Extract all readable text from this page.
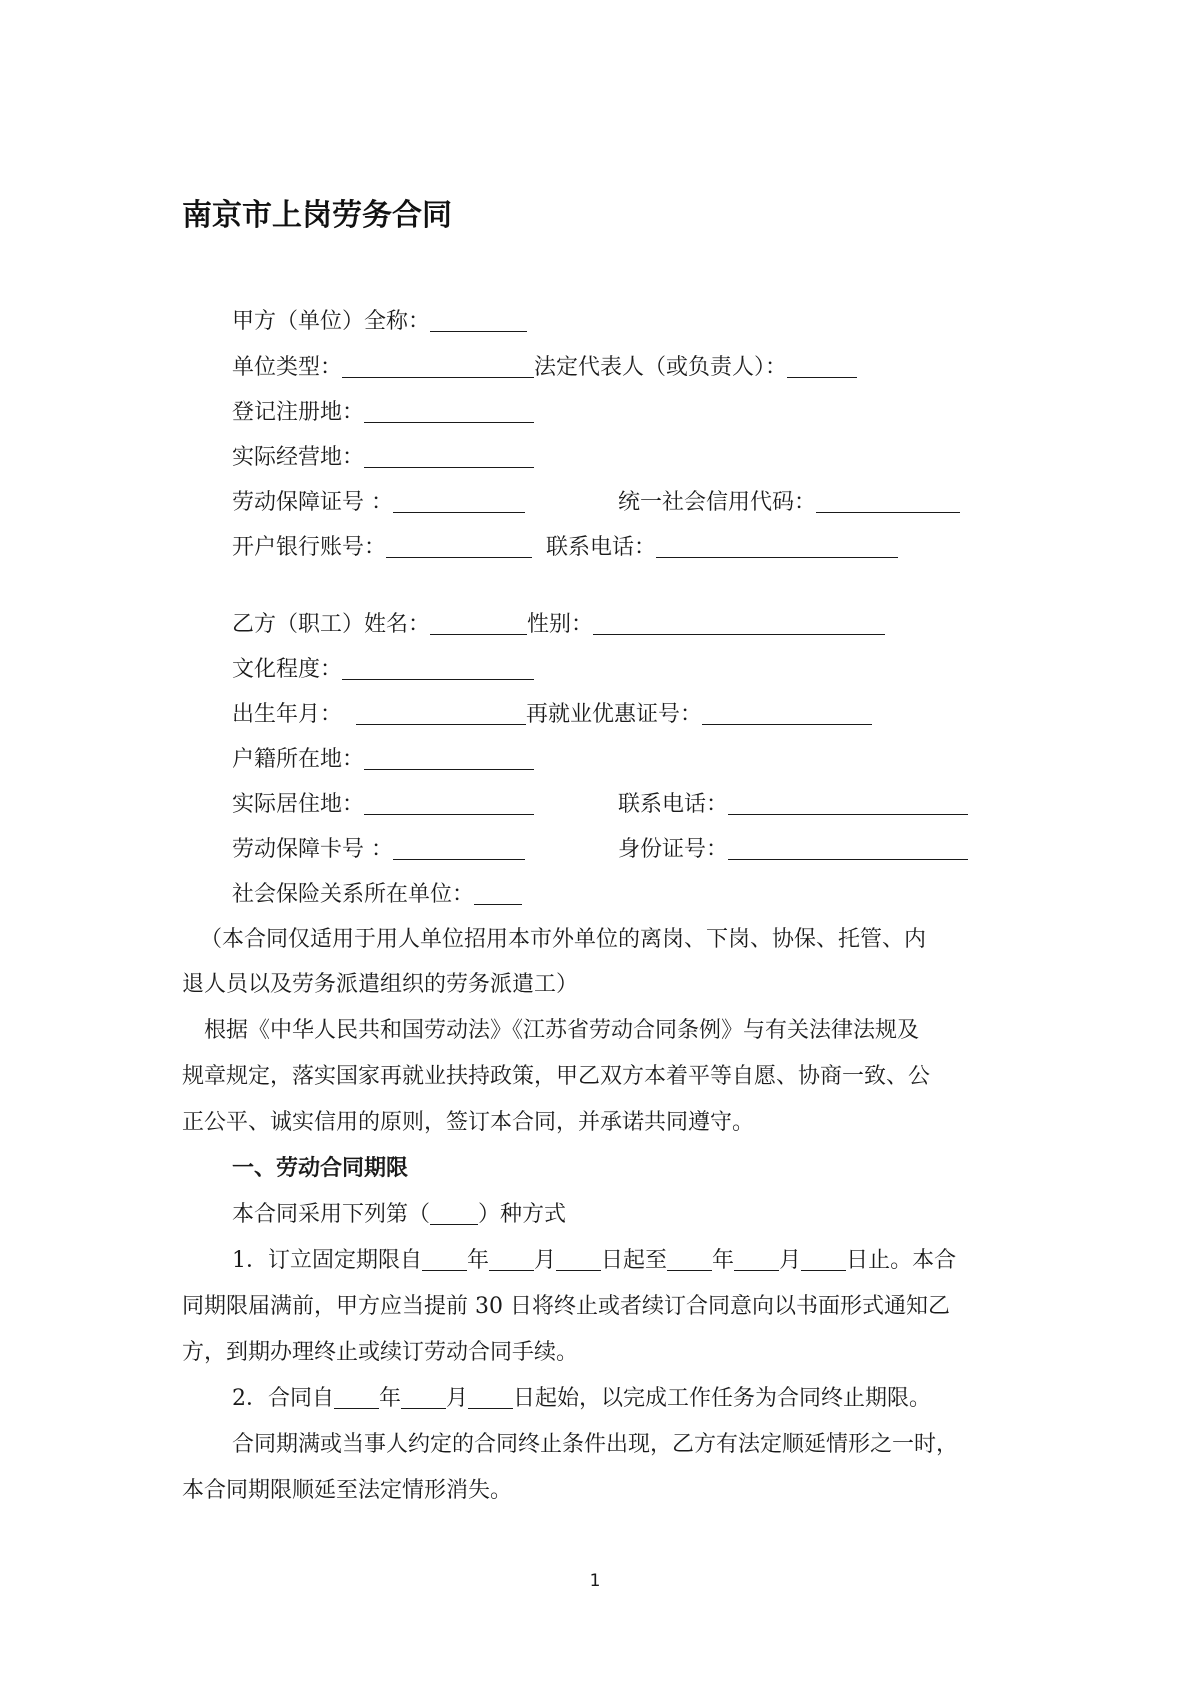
南京市上岗劳务合同
甲方（单位）全称：
单位类型：	法定代表人（或负责人）：
登记注册地：
实际经营地：
劳动保障证号 ：	统一社会信用代码：
开户银行账号：	联系电话：
乙方（职工）姓名：	性别：
文化程度：
出生年月：	再就业优惠证号：
户籍所在地：
实际居住地：	联系电话：
劳动保障卡号 ：	身份证号：
社会保险关系所在单位：
（本合同仅适用于用人单位招用本市外单位的离岗、下岗、协保、托管、内
退人员以及劳务派遣组织的劳务派遣工）
根据《中华人民共和国劳动法》《江苏省劳动合同条例》与有关法律法规及
规章规定，落实国家再就业扶持政策，甲乙双方本着平等自愿、协商一致、公
正公平、诚实信用的原则，签订本合同，并承诺共同遵守。
一、劳动合同期限
本合同采用下列第（ ）种方式
1．订立固定期限自 年 月 日起至 年 月 日止。本合
同期限届满前，甲方应当提前 30 日将终止或者续订合同意向以书面形式通知乙
方，到期办理终止或续订劳动合同手续。
2．合同自 年 月 日起始，以完成工作任务为合同终止期限。
合同期满或当事人约定的合同终止条件出现，乙方有法定顺延情形之一时，
本合同期限顺延至法定情形消失。
1
